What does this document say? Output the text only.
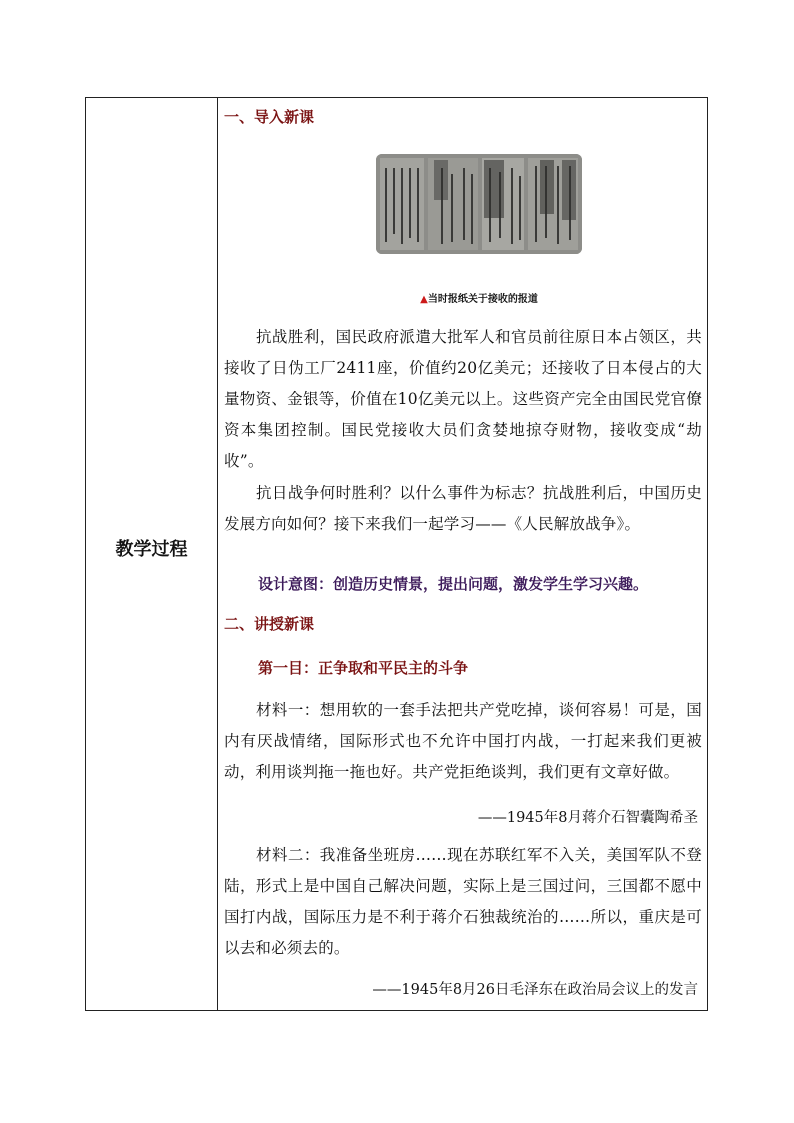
教学过程
一、导入新课
▲当时报纸关于接收的报道
抗战胜利，国民政府派遣大批军人和官员前往原日本占领区，共接收了日伪工厂2411座，价值约20亿美元；还接收了日本侵占的大量物资、金银等，价值在10亿美元以上。这些资产完全由国民党官僚资本集团控制。国民党接收大员们贪婪地掠夺财物，接收变成“劫收”。
抗日战争何时胜利？以什么事件为标志？抗战胜利后，中国历史发展方向如何？接下来我们一起学习——《人民解放战争》。
设计意图：创造历史情景，提出问题，激发学生学习兴趣。
二、讲授新课
第一目：正争取和平民主的斗争
材料一：想用软的一套手法把共产党吃掉，谈何容易！可是，国内有厌战情绪，国际形式也不允许中国打内战，一打起来我们更被动，利用谈判拖一拖也好。共产党拒绝谈判，我们更有文章好做。
——1945年8月蒋介石智囊陶希圣
材料二：我准备坐班房……现在苏联红军不入关，美国军队不登陆，形式上是中国自己解决问题，实际上是三国过问，三国都不愿中国打内战，国际压力是不利于蒋介石独裁统治的……所以，重庆是可以去和必须去的。
——1945年8月26日毛泽东在政治局会议上的发言
